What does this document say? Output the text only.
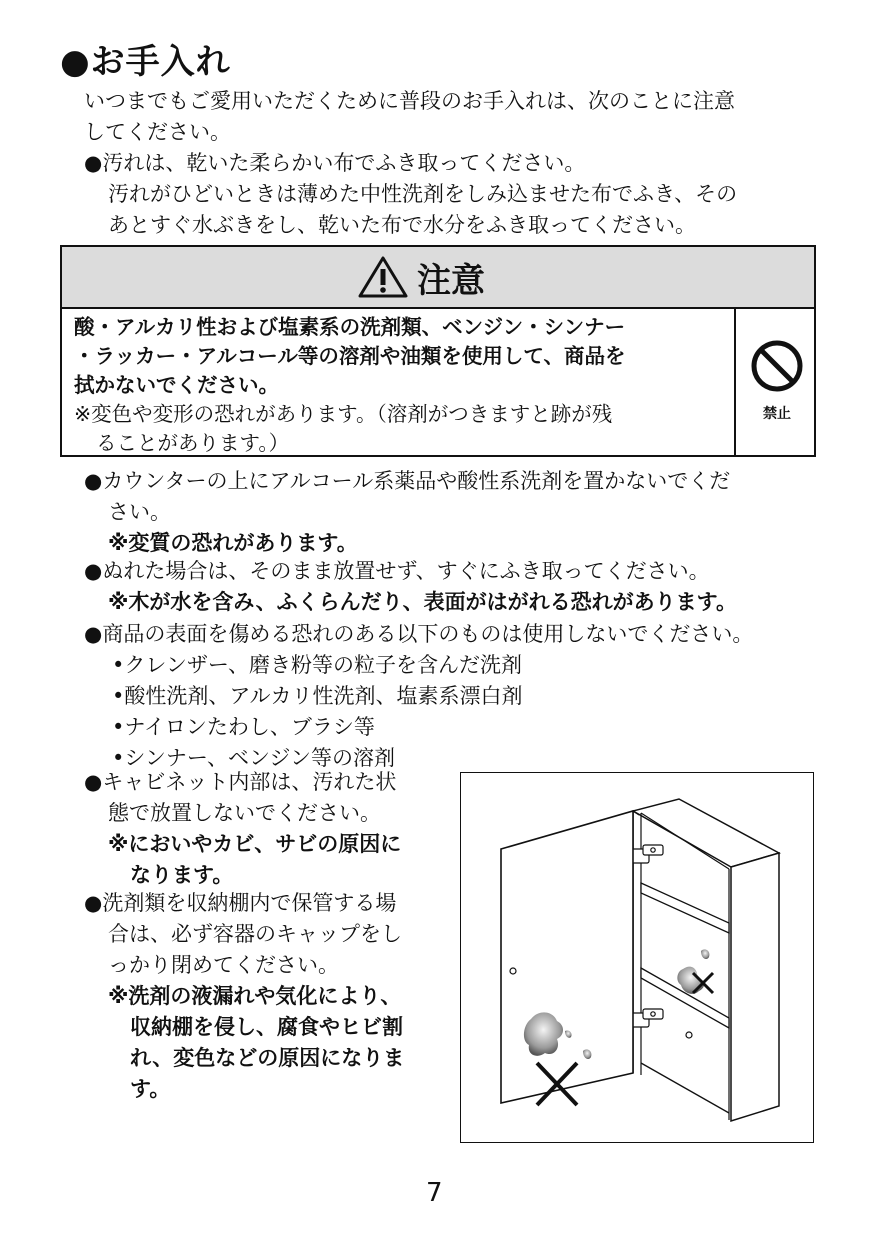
●お手入れ
いつまでもご愛用いただくために普段のお手入れは、次のことに注意
してください。
●汚れは、乾いた柔らかい布でふき取ってください。
汚れがひどいときは薄めた中性洗剤をしみ込ませた布でふき、その
あとすぐ水ぶきをし、乾いた布で水分をふき取ってください。
注意
酸・アルカリ性および塩素系の洗剤類、ベンジン・シンナー
・ラッカー・アルコール等の溶剤や油類を使用して、商品を
拭かないでください。
※変色や変形の恐れがあります。（溶剤がつきますと跡が残
ることがあります。）
禁止
●カウンターの上にアルコール系薬品や酸性系洗剤を置かないでくだ
さい。
※変質の恐れがあります。
●ぬれた場合は、そのまま放置せず、すぐにふき取ってください。
※木が水を含み、ふくらんだり、表面がはがれる恐れがあります。
●商品の表面を傷める恐れのある以下のものは使用しないでください。
•クレンザー、磨き粉等の粒子を含んだ洗剤
•酸性洗剤、アルカリ性洗剤、塩素系漂白剤
•ナイロンたわし、ブラシ等
•シンナー、ベンジン等の溶剤
●キャビネット内部は、汚れた状
態で放置しないでください。
※においやカビ、サビの原因に
なります。
●洗剤類を収納棚内で保管する場
合は、必ず容器のキャップをし
っかり閉めてください。
※洗剤の液漏れや気化により、
収納棚を侵し、腐食やヒビ割
れ、変色などの原因になりま
す。
7
